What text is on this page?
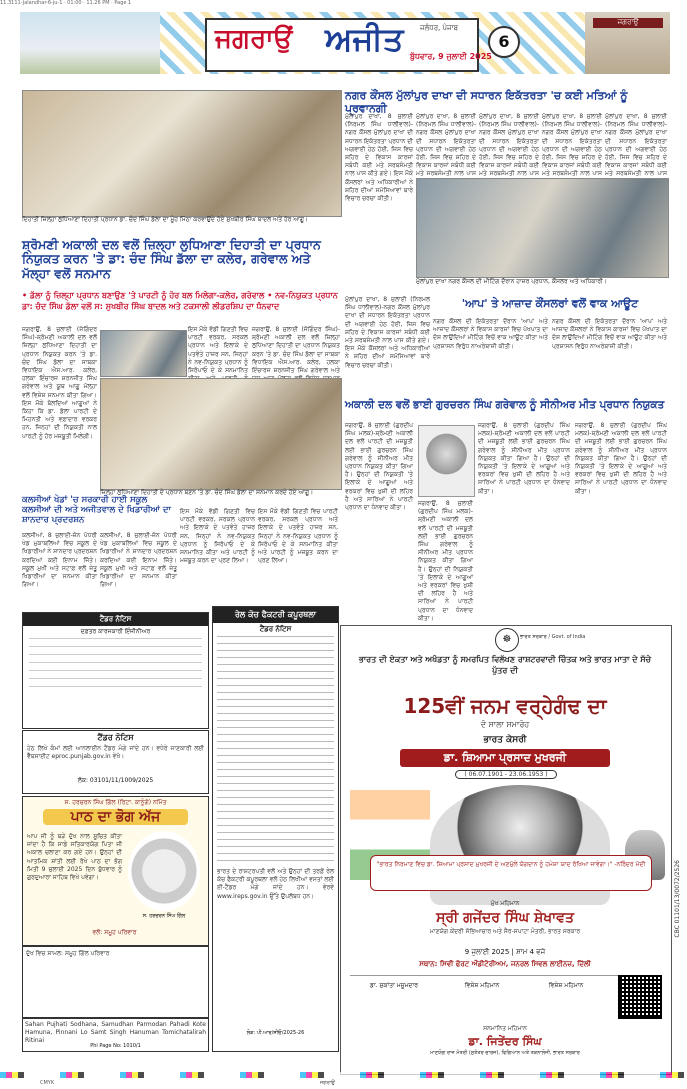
11.3111-Jalandhar-6-ju-1 · 01:00 · 11.26 PM · Page 1
ਜਗਰਾਉਂ
ਜਗਰਾਉਂ ਅਜੀਤ ਜਲੰਧਰ, ਪੰਜਾਬ
ਬੁੱਧਵਾਰ, 9 ਜੁਲਾਈ 2025
6
ਦਿਹਾਤੀ ਜ਼ਿਲ੍ਹਾ ਲੁਧਿਆਣਾ ਦਿਹਾਤੀ ਪ੍ਰਧਾਨ ਡਾ. ਚੰਦ ਸਿੰਘ ਡੱਲਾ ਦਾ ਮੂੰਹ ਮਿੱਠਾ ਕਰਵਾਉਂਦੇ ਹੋਏ ਸੁਖਬੀਰ ਸਿੰਘ ਬਾਦਲ ਅਤੇ ਹੋਰ ਆਗੂ।
ਸ਼੍ਰੋਮਣੀ ਅਕਾਲੀ ਦਲ ਵਲੋਂ ਜ਼ਿਲ੍ਹਾ ਲੁਧਿਆਣਾ ਦਿਹਾਤੀ ਦਾ ਪ੍ਰਧਾਨ ਨਿਯੁਕਤ ਕਰਨ 'ਤੇ ਡਾ: ਚੰਦ ਸਿੰਘ ਡੱਲਾ ਦਾ ਕਲੇਰ, ਗਰੇਵਾਲ ਅਤੇ ਮੱਲ੍ਹਾ ਵਲੋਂ ਸਨਮਾਨ
• ਡੱਲਾ ਨੂੰ ਜ਼ਿਲ੍ਹਾ ਪ੍ਰਧਾਨ ਬਣਾਉਣ 'ਤੇ ਪਾਰਟੀ ਨੂੰ ਹੋਰ ਬਲ ਮਿਲੇਗਾ-ਕਲੇਰ, ਗਰੇਵਾਲ • ਨਵ-ਨਿਯੁਕਤ ਪ੍ਰਧਾਨ ਡਾ: ਚੰਦ ਸਿੰਘ ਡੱਲਾ ਵਲੋਂ ਸ: ਸੁਖਬੀਰ ਸਿੰਘ ਬਾਦਲ ਅਤੇ ਟਕਸਾਲੀ ਲੀਡਰਸ਼ਿਪ ਦਾ ਧੰਨਵਾਦ
ਜਗਰਾਉਂ, 8 ਜੁਲਾਈ (ਜੋਗਿੰਦਰ ਸਿੰਘ)-ਸ਼੍ਰੋਮਣੀ ਅਕਾਲੀ ਦਲ ਵਲੋਂ ਜ਼ਿਲ੍ਹਾ ਲੁਧਿਆਣਾ ਦਿਹਾਤੀ ਦਾ ਪ੍ਰਧਾਨ ਨਿਯੁਕਤ ਕਰਨ 'ਤੇ ਡਾ. ਚੰਦ ਸਿੰਘ ਡੱਲਾ ਦਾ ਸਾਬਕਾ ਵਿਧਾਇਕ ਐਸ.ਆਰ. ਕਲੇਰ, ਹਲਕਾ ਇੰਚਾਰਜ ਸ਼ਰਨਜੀਤ ਸਿੰਘ ਗਰੇਵਾਲ ਅਤੇ ਯੂਥ ਆਗੂ ਮੱਲ੍ਹਾ ਵਲੋਂ ਵਿਸ਼ੇਸ਼ ਸਨਮਾਨ ਕੀਤਾ ਗਿਆ। ਇਸ ਮੌਕੇ ਬੋਲਦਿਆਂ ਆਗੂਆਂ ਨੇ ਕਿਹਾ ਕਿ ਡਾ. ਡੱਲਾ ਪਾਰਟੀ ਦੇ ਮਿਹਨਤੀ ਅਤੇ ਵਫ਼ਾਦਾਰ ਵਰਕਰ ਹਨ, ਜਿਨ੍ਹਾਂ ਦੀ ਨਿਯੁਕਤੀ ਨਾਲ ਪਾਰਟੀ ਨੂੰ ਹੋਰ ਮਜ਼ਬੂਤੀ ਮਿਲੇਗੀ।
ਇਸ ਮੌਕੇ ਵੱਡੀ ਗਿਣਤੀ ਵਿਚ ਪਾਰਟੀ ਵਰਕਰ, ਸਰਕਲ ਪ੍ਰਧਾਨ ਅਤੇ ਇਲਾਕੇ ਦੇ ਪਤਵੰਤੇ ਹਾਜ਼ਰ ਸਨ, ਜਿਨ੍ਹਾਂ ਨੇ ਨਵ-ਨਿਯੁਕਤ ਪ੍ਰਧਾਨ ਨੂੰ ਸਿਰੋਪਾਓ ਦੇ ਕੇ ਸਨਮਾਨਿਤ
ਜਗਰਾਉਂ, 8 ਜੁਲਾਈ (ਜੋਗਿੰਦਰ ਸਿੰਘ)-ਸ਼੍ਰੋਮਣੀ ਅਕਾਲੀ ਦਲ ਵਲੋਂ ਜ਼ਿਲ੍ਹਾ ਲੁਧਿਆਣਾ ਦਿਹਾਤੀ ਦਾ ਪ੍ਰਧਾਨ ਨਿਯੁਕਤ ਕਰਨ 'ਤੇ ਡਾ. ਚੰਦ ਸਿੰਘ ਡੱਲਾ ਦਾ ਸਾਬਕਾ ਵਿਧਾਇਕ ਐਸ.ਆਰ. ਕਲੇਰ, ਹਲਕਾ ਇੰਚਾਰਜ ਸ਼ਰਨਜੀਤ ਸਿੰਘ ਗਰੇਵਾਲ ਅਤੇ
ਜ਼ਿਲ੍ਹਾ ਲੁਧਿਆਣਾ ਦਿਹਾਤੀ ਦੇ ਪ੍ਰਧਾਨ ਬਣਨ 'ਤੇ ਡਾ. ਚੰਦ ਸਿੰਘ ਡੱਲਾ ਦਾ ਸਨਮਾਨ ਕਰਦੇ ਹੋਏ ਆਗੂ।
ਕਲਸੀਆਂ ਖੇਡਾਂ 'ਚ ਸਰਕਾਰੀ ਹਾਈ ਸਕੂਲ ਕਲਸੀਆਂ ਦੀ ਅਤੇ ਅਜੀਤਵਾਲ ਦੇ ਖਿਡਾਰੀਆਂ ਦਾ ਸ਼ਾਨਦਾਰ ਪ੍ਰਦਰਸ਼ਨ
ਕਲਸੀਆਂ, 8 ਜੁਲਾਈ-ਜ਼ੋਨ ਪੱਧਰੀ ਖੇਡ ਮੁਕਾਬਲਿਆਂ ਵਿਚ ਸਕੂਲ ਦੇ ਖਿਡਾਰੀਆਂ ਨੇ ਸ਼ਾਨਦਾਰ ਪ੍ਰਦਰਸ਼ਨ ਕਰਦਿਆਂ ਕਈ ਇਨਾਮ ਜਿੱਤੇ। ਸਕੂਲ ਮੁਖੀ ਅਤੇ ਸਟਾਫ਼ ਵਲੋਂ ਜੇਤੂ ਖਿਡਾਰੀਆਂ ਦਾ ਸਨਮਾਨ ਕੀਤਾ ਗਿਆ।
ਕਲਸੀਆਂ, 8 ਜੁਲਾਈ-ਜ਼ੋਨ ਪੱਧਰੀ ਖੇਡ ਮੁਕਾਬਲਿਆਂ ਵਿਚ ਸਕੂਲ ਦੇ ਖਿਡਾਰੀਆਂ ਨੇ ਸ਼ਾਨਦਾਰ ਪ੍ਰਦਰਸ਼ਨ ਕਰਦਿਆਂ ਕਈ ਇਨਾਮ ਜਿੱਤੇ। ਸਕੂਲ ਮੁਖੀ ਅਤੇ ਸਟਾਫ਼ ਵਲੋਂ ਜੇਤੂ ਖਿਡਾਰੀਆਂ ਦਾ ਸਨਮਾਨ ਕੀਤਾ ਗਿਆ।
ਇਸ ਮੌਕੇ ਵੱਡੀ ਗਿਣਤੀ ਵਿਚ ਪਾਰਟੀ ਵਰਕਰ, ਸਰਕਲ ਪ੍ਰਧਾਨ ਅਤੇ ਇਲਾਕੇ ਦੇ ਪਤਵੰਤੇ ਹਾਜ਼ਰ ਸਨ, ਜਿਨ੍ਹਾਂ ਨੇ ਨਵ-ਨਿਯੁਕਤ ਪ੍ਰਧਾਨ ਨੂੰ ਸਿਰੋਪਾਓ ਦੇ ਕੇ ਸਨਮਾਨਿਤ ਕੀਤਾ ਅਤੇ ਪਾਰਟੀ ਨੂੰ ਮਜ਼ਬੂਤ ਕਰਨ ਦਾ ਪ੍ਰਣ ਲਿਆ।
ਇਸ ਮੌਕੇ ਵੱਡੀ ਗਿਣਤੀ ਵਿਚ ਪਾਰਟੀ ਵਰਕਰ, ਸਰਕਲ ਪ੍ਰਧਾਨ ਅਤੇ ਇਲਾਕੇ ਦੇ ਪਤਵੰਤੇ ਹਾਜ਼ਰ ਸਨ, ਜਿਨ੍ਹਾਂ ਨੇ ਨਵ-ਨਿਯੁਕਤ ਪ੍ਰਧਾਨ ਨੂੰ ਸਿਰੋਪਾਓ ਦੇ ਕੇ ਸਨਮਾਨਿਤ ਕੀਤਾ ਅਤੇ ਪਾਰਟੀ ਨੂੰ ਮਜ਼ਬੂਤ ਕਰਨ ਦਾ ਪ੍ਰਣ ਲਿਆ।
ਟੈਂਡਰ ਨੋਟਿਸ
ਦਫ਼ਤਰ ਕਾਰਜਕਾਰੀ ਇੰਜੀਨੀਅਰ
ਟੈਂਡਰ ਨੋਟਿਸ
ਹੇਠ ਲਿਖੇ ਕੰਮਾਂ ਲਈ ਆਨਲਾਈਨ ਟੈਂਡਰ ਮੰਗੇ ਜਾਂਦੇ ਹਨ। ਵਧੇਰੇ ਜਾਣਕਾਰੀ ਲਈ ਵੈੱਬਸਾਈਟ eproc.punjab.gov.in ਵੇਖੋ।
ਲੋਕ: 03101/11/1009/2025
ਸ. ਹਰਚਰਨ ਸਿੰਘ ਗਿੱਲ (ਰਿਟਾ. ਕਾਨੂੰਗੋ) ਨਮਿੱਤ
ਪਾਠ ਦਾ ਭੋਗ ਅੱਜ
ਆਪ ਜੀ ਨੂੰ ਬੜੇ ਦੁੱਖ ਨਾਲ ਸੂਚਿਤ ਕੀਤਾ ਜਾਂਦਾ ਹੈ ਕਿ ਸਾਡੇ ਸਤਿਕਾਰਯੋਗ ਪਿਤਾ ਜੀ ਅਕਾਲ ਚਲਾਣਾ ਕਰ ਗਏ ਹਨ। ਉਨ੍ਹਾਂ ਦੀ ਆਤਮਿਕ ਸ਼ਾਂਤੀ ਲਈ ਰੱਖੇ ਪਾਠ ਦਾ ਭੋਗ ਮਿਤੀ 9 ਜੁਲਾਈ 2025 ਦਿਨ ਬੁੱਧਵਾਰ ਨੂੰ ਗੁਰਦੁਆਰਾ ਸਾਹਿਬ ਵਿਖੇ ਪਵੇਗਾ।
ਸ. ਹਰਚਰਨ ਸਿੰਘ ਗਿੱਲ
ਵਲੋਂ: ਸਮੂਹ ਪਰਿਵਾਰ
ਦੁੱਖ ਵਿਚ ਸ਼ਾਮਲ: ਸਮੂਹ ਗਿੱਲ ਪਰਿਵਾਰ
Sahan Pujhati Sodhana, Samudhan Parmodan Pahadi Kote Hamuna, Pinnani Lo Samt Singh Hanuman Tomichatalirah Ritinai
Phi Page No: 1010/1
ਰੇਲ ਕੋਚ ਫੈਕਟਰੀ ਕਪੂਰਥਲਾ
ਟੈਂਡਰ ਨੋਟਿਸ
ਭਾਰਤ ਦੇ ਰਾਸ਼ਟਰਪਤੀ ਵਲੋਂ ਅਤੇ ਉਨ੍ਹਾਂ ਦੀ ਤਰਫ਼ੋਂ ਰੇਲ ਕੋਚ ਫੈਕਟਰੀ ਕਪੂਰਥਲਾ ਵਲੋਂ ਹੇਠ ਲਿਖੀਆਂ ਵਸਤਾਂ ਲਈ ਈ-ਟੈਂਡਰ ਮੰਗੇ ਜਾਂਦੇ ਹਨ। ਵੇਰਵੇ www.ireps.gov.in ਉੱਤੇ ਉਪਲੱਬਧ ਹਨ।
ਲੋਕ: ਪੀ.ਆਰ/ਸੀਓ/2025-26
ਨਗਰ ਕੌਂਸਲ ਮੁੱਲਾਂਪੁਰ ਦਾਖਾ ਦੀ ਸਧਾਰਨ ਇਕੱਤਰਤਾ 'ਚ ਕਈ ਮਤਿਆਂ ਨੂੰ ਪ੍ਰਵਾਨਗੀ
ਮੁੱਲਾਂਪੁਰ ਦਾਖਾ, 8 ਜੁਲਾਈ (ਨਿਰਮਲ ਸਿੰਘ ਧਾਲੀਵਾਲ)-ਨਗਰ ਕੌਂਸਲ ਮੁੱਲਾਂਪੁਰ ਦਾਖਾ ਦੀ ਸਧਾਰਨ ਇਕੱਤਰਤਾ ਪ੍ਰਧਾਨ ਦੀ ਅਗਵਾਈ ਹੇਠ ਹੋਈ, ਜਿਸ ਵਿਚ ਸ਼ਹਿਰ ਦੇ ਵਿਕਾਸ ਕਾਰਜਾਂ ਸਬੰਧੀ ਕਈ ਮਤੇ ਸਰਬਸੰਮਤੀ ਨਾਲ ਪਾਸ ਕੀਤੇ ਗਏ। ਇਸ ਮੌਕੇ ਕੌਂਸਲਰਾਂ ਅਤੇ ਅਧਿਕਾਰੀਆਂ ਨੇ ਸ਼ਹਿਰ ਦੀਆਂ ਸਮੱਸਿਆਵਾਂ ਬਾਰੇ ਵਿਚਾਰ ਚਰਚਾ ਕੀਤੀ।
ਮੁੱਲਾਂਪੁਰ ਦਾਖਾ, 8 ਜੁਲਾਈ (ਨਿਰਮਲ ਸਿੰਘ ਧਾਲੀਵਾਲ)-ਨਗਰ ਕੌਂਸਲ ਮੁੱਲਾਂਪੁਰ ਦਾਖਾ ਦੀ ਸਧਾਰਨ ਇਕੱਤਰਤਾ ਪ੍ਰਧਾਨ ਦੀ ਅਗਵਾਈ ਹੇਠ ਹੋਈ, ਜਿਸ ਵਿਚ ਸ਼ਹਿਰ ਦੇ ਵਿਕਾਸ ਕਾਰਜਾਂ ਸਬੰਧੀ ਕਈ ਮਤੇ ਸਰਬਸੰਮਤੀ ਨਾਲ ਪਾਸ
ਮੁੱਲਾਂਪੁਰ ਦਾਖਾ, 8 ਜੁਲਾਈ (ਨਿਰਮਲ ਸਿੰਘ ਧਾਲੀਵਾਲ)-ਨਗਰ ਕੌਂਸਲ ਮੁੱਲਾਂਪੁਰ ਦਾਖਾ ਦੀ ਸਧਾਰਨ ਇਕੱਤਰਤਾ ਪ੍ਰਧਾਨ ਦੀ ਅਗਵਾਈ ਹੇਠ ਹੋਈ, ਜਿਸ ਵਿਚ ਸ਼ਹਿਰ ਦੇ ਵਿਕਾਸ ਕਾਰਜਾਂ ਸਬੰਧੀ ਕਈ ਮਤੇ ਸਰਬਸੰਮਤੀ ਨਾਲ ਪਾਸ
ਮੁੱਲਾਂਪੁਰ ਦਾਖਾ, 8 ਜੁਲਾਈ (ਨਿਰਮਲ ਸਿੰਘ ਧਾਲੀਵਾਲ)-ਨਗਰ ਕੌਂਸਲ ਮੁੱਲਾਂਪੁਰ ਦਾਖਾ ਦੀ ਸਧਾਰਨ ਇਕੱਤਰਤਾ ਪ੍ਰਧਾਨ ਦੀ ਅਗਵਾਈ ਹੇਠ ਹੋਈ, ਜਿਸ ਵਿਚ ਸ਼ਹਿਰ ਦੇ ਵਿਕਾਸ ਕਾਰਜਾਂ ਸਬੰਧੀ ਕਈ ਮਤੇ ਸਰਬਸੰਮਤੀ ਨਾਲ ਪਾਸ
ਮੁੱਲਾਂਪੁਰ ਦਾਖਾ, 8 ਜੁਲਾਈ (ਨਿਰਮਲ ਸਿੰਘ ਧਾਲੀਵਾਲ)-ਨਗਰ ਕੌਂਸਲ ਮੁੱਲਾਂਪੁਰ ਦਾਖਾ ਦੀ ਸਧਾਰਨ ਇਕੱਤਰਤਾ ਪ੍ਰਧਾਨ ਦੀ ਅਗਵਾਈ ਹੇਠ ਹੋਈ, ਜਿਸ ਵਿਚ ਸ਼ਹਿਰ ਦੇ ਵਿਕਾਸ ਕਾਰਜਾਂ ਸਬੰਧੀ ਕਈ ਮਤੇ ਸਰਬਸੰਮਤੀ ਨਾਲ ਪਾਸ
ਮੁੱਲਾਂਪੁਰ ਦਾਖਾ ਨਗਰ ਕੌਂਸਲ ਦੀ ਮੀਟਿੰਗ ਦੌਰਾਨ ਹਾਜ਼ਰ ਪ੍ਰਧਾਨ, ਕੌਂਸਲਰ ਅਤੇ ਅਧਿਕਾਰੀ।
ਮੁੱਲਾਂਪੁਰ ਦਾਖਾ, 8 ਜੁਲਾਈ (ਨਿਰਮਲ ਸਿੰਘ ਧਾਲੀਵਾਲ)-ਨਗਰ ਕੌਂਸਲ ਮੁੱਲਾਂਪੁਰ ਦਾਖਾ ਦੀ ਸਧਾਰਨ ਇਕੱਤਰਤਾ ਪ੍ਰਧਾਨ ਦੀ ਅਗਵਾਈ ਹੇਠ ਹੋਈ, ਜਿਸ ਵਿਚ ਸ਼ਹਿਰ ਦੇ ਵਿਕਾਸ ਕਾਰਜਾਂ ਸਬੰਧੀ ਕਈ ਮਤੇ ਸਰਬਸੰਮਤੀ ਨਾਲ ਪਾਸ ਕੀਤੇ ਗਏ। ਇਸ ਮੌਕੇ ਕੌਂਸਲਰਾਂ ਅਤੇ ਅਧਿਕਾਰੀਆਂ ਨੇ ਸ਼ਹਿਰ ਦੀਆਂ ਸਮੱਸਿਆਵਾਂ ਬਾਰੇ ਵਿਚਾਰ ਚਰਚਾ ਕੀਤੀ।
'ਆਪ' ਤੇ ਆਜ਼ਾਦ ਕੌਂਸਲਰਾਂ ਵਲੋਂ ਵਾਕ ਆਊਟ
ਨਗਰ ਕੌਂਸਲ ਦੀ ਇਕੱਤਰਤਾ ਦੌਰਾਨ 'ਆਪ' ਅਤੇ ਆਜ਼ਾਦ ਕੌਂਸਲਰਾਂ ਨੇ ਵਿਕਾਸ ਕਾਰਜਾਂ ਵਿਚ ਪੱਖਪਾਤ ਦਾ ਦੋਸ਼ ਲਾਉਂਦਿਆਂ ਮੀਟਿੰਗ ਵਿਚੋਂ ਵਾਕ ਆਊਟ ਕੀਤਾ ਅਤੇ ਪ੍ਰਸ਼ਾਸਨ ਵਿਰੁੱਧ ਨਾਅਰੇਬਾਜ਼ੀ ਕੀਤੀ।
ਨਗਰ ਕੌਂਸਲ ਦੀ ਇਕੱਤਰਤਾ ਦੌਰਾਨ 'ਆਪ' ਅਤੇ ਆਜ਼ਾਦ ਕੌਂਸਲਰਾਂ ਨੇ ਵਿਕਾਸ ਕਾਰਜਾਂ ਵਿਚ ਪੱਖਪਾਤ ਦਾ ਦੋਸ਼ ਲਾਉਂਦਿਆਂ ਮੀਟਿੰਗ ਵਿਚੋਂ ਵਾਕ ਆਊਟ ਕੀਤਾ ਅਤੇ ਪ੍ਰਸ਼ਾਸਨ ਵਿਰੁੱਧ ਨਾਅਰੇਬਾਜ਼ੀ ਕੀਤੀ।
ਅਕਾਲੀ ਦਲ ਵਲੋਂ ਭਾਈ ਗੁਰਚਰਨ ਸਿੰਘ ਗਰੇਵਾਲ ਨੂੰ ਸੀਨੀਅਰ ਮੀਤ ਪ੍ਰਧਾਨ ਨਿਯੁਕਤ
ਜਗਰਾਉਂ, 8 ਜੁਲਾਈ (ਗੁਰਦੀਪ ਸਿੰਘ ਮਲਕ)-ਸ਼੍ਰੋਮਣੀ ਅਕਾਲੀ ਦਲ ਵਲੋਂ ਪਾਰਟੀ ਦੀ ਮਜ਼ਬੂਤੀ ਲਈ ਭਾਈ ਗੁਰਚਰਨ ਸਿੰਘ ਗਰੇਵਾਲ ਨੂੰ ਸੀਨੀਅਰ ਮੀਤ ਪ੍ਰਧਾਨ ਨਿਯੁਕਤ ਕੀਤਾ ਗਿਆ ਹੈ। ਉਨ੍ਹਾਂ ਦੀ ਨਿਯੁਕਤੀ 'ਤੇ ਇਲਾਕੇ ਦੇ ਆਗੂਆਂ ਅਤੇ ਵਰਕਰਾਂ ਵਿਚ ਖੁਸ਼ੀ ਦੀ ਲਹਿਰ ਹੈ ਅਤੇ ਸਾਰਿਆਂ ਨੇ ਪਾਰਟੀ ਪ੍ਰਧਾਨ ਦਾ ਧੰਨਵਾਦ ਕੀਤਾ।
ਜਗਰਾਉਂ, 8 ਜੁਲਾਈ (ਗੁਰਦੀਪ ਸਿੰਘ ਮਲਕ)-ਸ਼੍ਰੋਮਣੀ ਅਕਾਲੀ ਦਲ ਵਲੋਂ ਪਾਰਟੀ ਦੀ ਮਜ਼ਬੂਤੀ ਲਈ ਭਾਈ ਗੁਰਚਰਨ ਸਿੰਘ ਗਰੇਵਾਲ ਨੂੰ ਸੀਨੀਅਰ ਮੀਤ ਪ੍ਰਧਾਨ ਨਿਯੁਕਤ ਕੀਤਾ ਗਿਆ ਹੈ। ਉਨ੍ਹਾਂ ਦੀ ਨਿਯੁਕਤੀ 'ਤੇ ਇਲਾਕੇ ਦੇ ਆਗੂਆਂ ਅਤੇ ਵਰਕਰਾਂ ਵਿਚ ਖੁਸ਼ੀ ਦੀ ਲਹਿਰ ਹੈ ਅਤੇ ਸਾਰਿਆਂ ਨੇ ਪਾਰਟੀ ਪ੍ਰਧਾਨ ਦਾ ਧੰਨਵਾਦ ਕੀਤਾ।
ਜਗਰਾਉਂ, 8 ਜੁਲਾਈ (ਗੁਰਦੀਪ ਸਿੰਘ ਮਲਕ)-ਸ਼੍ਰੋਮਣੀ ਅਕਾਲੀ ਦਲ ਵਲੋਂ ਪਾਰਟੀ ਦੀ ਮਜ਼ਬੂਤੀ ਲਈ ਭਾਈ ਗੁਰਚਰਨ ਸਿੰਘ ਗਰੇਵਾਲ ਨੂੰ ਸੀਨੀਅਰ ਮੀਤ ਪ੍ਰਧਾਨ ਨਿਯੁਕਤ ਕੀਤਾ ਗਿਆ ਹੈ। ਉਨ੍ਹਾਂ ਦੀ ਨਿਯੁਕਤੀ 'ਤੇ ਇਲਾਕੇ ਦੇ ਆਗੂਆਂ ਅਤੇ ਵਰਕਰਾਂ ਵਿਚ ਖੁਸ਼ੀ ਦੀ ਲਹਿਰ ਹੈ ਅਤੇ ਸਾਰਿਆਂ ਨੇ ਪਾਰਟੀ ਪ੍ਰਧਾਨ ਦਾ ਧੰਨਵਾਦ ਕੀਤਾ।
ਜਗਰਾਉਂ, 8 ਜੁਲਾਈ (ਗੁਰਦੀਪ ਸਿੰਘ ਮਲਕ)-ਸ਼੍ਰੋਮਣੀ ਅਕਾਲੀ ਦਲ ਵਲੋਂ ਪਾਰਟੀ ਦੀ ਮਜ਼ਬੂਤੀ ਲਈ ਭਾਈ ਗੁਰਚਰਨ ਸਿੰਘ ਗਰੇਵਾਲ ਨੂੰ ਸੀਨੀਅਰ ਮੀਤ ਪ੍ਰਧਾਨ ਨਿਯੁਕਤ ਕੀਤਾ ਗਿਆ ਹੈ। ਉਨ੍ਹਾਂ ਦੀ ਨਿਯੁਕਤੀ 'ਤੇ ਇਲਾਕੇ ਦੇ ਆਗੂਆਂ ਅਤੇ ਵਰਕਰਾਂ ਵਿਚ ਖੁਸ਼ੀ ਦੀ ਲਹਿਰ ਹੈ ਅਤੇ ਸਾਰਿਆਂ ਨੇ ਪਾਰਟੀ ਪ੍ਰਧਾਨ ਦਾ ਧੰਨਵਾਦ ਕੀਤਾ।
☸	ਭਾਰਤ ਸਰਕਾਰ / Govt. of India
ਭਾਰਤ ਦੀ ਏਕਤਾ ਅਤੇ ਅਖੰਡਤਾ ਨੂੰ ਸਮਰਪਿਤ ਵਿਲੱਖਣ ਰਾਸ਼ਟਰਵਾਦੀ ਚਿੰਤਕ ਅਤੇ ਭਾਰਤ ਮਾਤਾ ਦੇ ਸੱਚੇ ਪੁੱਤਰ ਦੀ
125ਵੀਂ ਜਨਮ ਵਰ੍ਹੇਗੰਢ ਦਾ
ਦੋ ਸਾਲਾ ਸਮਾਰੋਹ
ਭਾਰਤ ਕੇਸਰੀ
ਡਾ. ਸ਼ਿਆਮਾ ਪ੍ਰਸਾਦ ਮੁਖਰਜੀ
( 06.07.1901 - 23.06.1953 )
"ਭਾਰਤ ਨਿਰਮਾਣ ਵਿਚ ਡਾ. ਸ਼ਿਆਮਾ ਪ੍ਰਸਾਦ ਮੁਖਰਜੀ ਦੇ ਅਣਮੁੱਲੇ ਯੋਗਦਾਨ ਨੂੰ ਹਮੇਸ਼ਾ ਯਾਦ ਰੱਖਿਆ ਜਾਵੇਗਾ।" -ਨਰਿੰਦਰ ਮੋਦੀ
ਮੁੱਖ ਮਹਿਮਾਨ
ਸ੍ਰੀ ਗਜੇਂਦਰ ਸਿੰਘ ਸ਼ੇਖਾਵਤ
ਮਾਣਯੋਗ ਕੇਂਦਰੀ ਸੱਭਿਆਚਾਰ ਅਤੇ ਸੈਰ-ਸਪਾਟਾ ਮੰਤਰੀ, ਭਾਰਤ ਸਰਕਾਰ
9 ਜੁਲਾਈ 2025 | ਸ਼ਾਮ 4 ਵਜੇ
ਸਥਾਨ: ਸਿਵੀ ਫੋਰਟ ਔਡੀਟੋਰੀਅਮ, ਜਨਰਲ ਸਿਵਲ ਲਾਈਨਜ਼, ਦਿੱਲੀ
ਡਾ. ਸੁਕਾਂਤਾ ਮਜੂਮਦਾਰ	ਵਿਸ਼ੇਸ਼ ਮਹਿਮਾਨ	ਵਿਸ਼ੇਸ਼ ਮਹਿਮਾਨ
ਸਨਮਾਨਿਤ ਮਹਿਮਾਨ
ਡਾ. ਜਿਤੇਂਦਰ ਸਿੰਘ
ਮਾਣਯੋਗ ਰਾਜ ਮੰਤਰੀ (ਸੁਤੰਤਰ ਚਾਰਜ), ਵਿਗਿਆਨ ਅਤੇ ਤਕਨਾਲੋਜੀ, ਭਾਰਤ ਸਰਕਾਰ
CBC 01101/13/0072/2526
CMYK	ਜਗਰਾਉਂ
